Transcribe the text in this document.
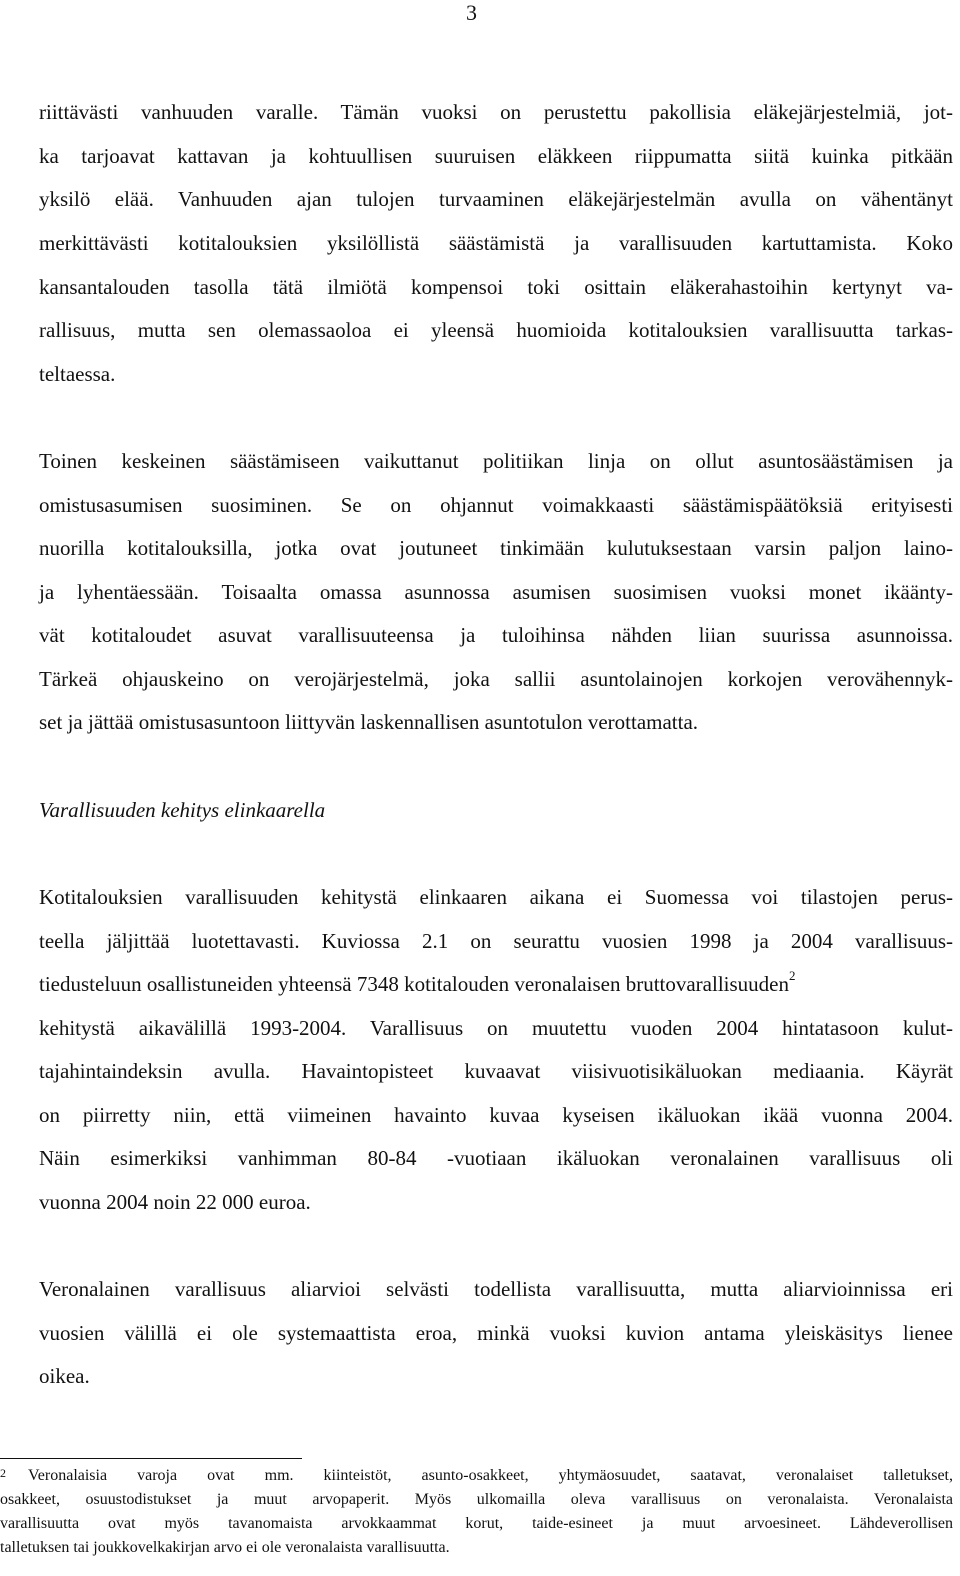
3
riittävästi vanhuuden varalle. Tämän vuoksi on perustettu pakollisia eläkejärjestelmiä, jot-
ka tarjoavat kattavan ja kohtuullisen suuruisen eläkkeen riippumatta siitä kuinka pitkään
yksilö elää. Vanhuuden ajan tulojen turvaaminen eläkejärjestelmän avulla on vähentänyt
merkittävästi kotitalouksien yksilöllistä säästämistä ja varallisuuden kartuttamista. Koko
kansantalouden tasolla tätä ilmiötä kompensoi toki osittain eläkerahastoihin kertynyt va-
rallisuus, mutta sen olemassaoloa ei yleensä huomioida kotitalouksien varallisuutta tarkas-
teltaessa.
Toinen keskeinen säästämiseen vaikuttanut politiikan linja on ollut asuntosäästämisen ja
omistusasumisen suosiminen. Se on ohjannut voimakkaasti säästämispäätöksiä erityisesti
nuorilla kotitalouksilla, jotka ovat joutuneet tinkimään kulutuksestaan varsin paljon laino-
ja lyhentäessään. Toisaalta omassa asunnossa asumisen suosimisen vuoksi monet ikäänty-
vät kotitaloudet asuvat varallisuuteensa ja tuloihinsa nähden liian suurissa asunnoissa.
Tärkeä ohjauskeino on verojärjestelmä, joka sallii asuntolainojen korkojen verovähennyk-
set ja jättää omistusasuntoon liittyvän laskennallisen asuntotulon verottamatta.
Varallisuuden kehitys elinkaarella
Kotitalouksien varallisuuden kehitystä elinkaaren aikana ei Suomessa voi tilastojen perus-
teella jäljittää luotettavasti. Kuviossa 2.1 on seurattu vuosien 1998 ja 2004 varallisuus-
tiedusteluun osallistuneiden yhteensä 7348 kotitalouden veronalaisen bruttovarallisuuden$^2$
kehitystä aikavälillä 1993-2004. Varallisuus on muutettu vuoden 2004 hintatasoon kulut-
tajahintaindeksin avulla. Havaintopisteet kuvaavat viisivuotisikäluokan mediaania. Käyrät
on piirretty niin, että viimeinen havainto kuvaa kyseisen ikäluokan ikää vuonna 2004.
Näin esimerkiksi vanhimman 80-84 -vuotiaan ikäluokan veronalainen varallisuus oli
vuonna 2004 noin 22 000 euroa.
Veronalainen varallisuus aliarvioi selvästi todellista varallisuutta, mutta aliarvioinnissa eri
vuosien välillä ei ole systemaattista eroa, minkä vuoksi kuvion antama yleiskäsitys lienee
oikea.
2 Veronalaisia varoja ovat mm. kiinteistöt, asunto-osakkeet, yhtymäosuudet, saatavat, veronalaiset talletukset,
osakkeet, osuustodistukset ja muut arvopaperit. Myös ulkomailla oleva varallisuus on veronalaista. Veronalaista
varallisuutta ovat myös tavanomaista arvokkaammat korut, taide-esineet ja muut arvoesineet. Lähdeverollisen
talletuksen tai joukkovelkakirjan arvo ei ole veronalaista varallisuutta.
